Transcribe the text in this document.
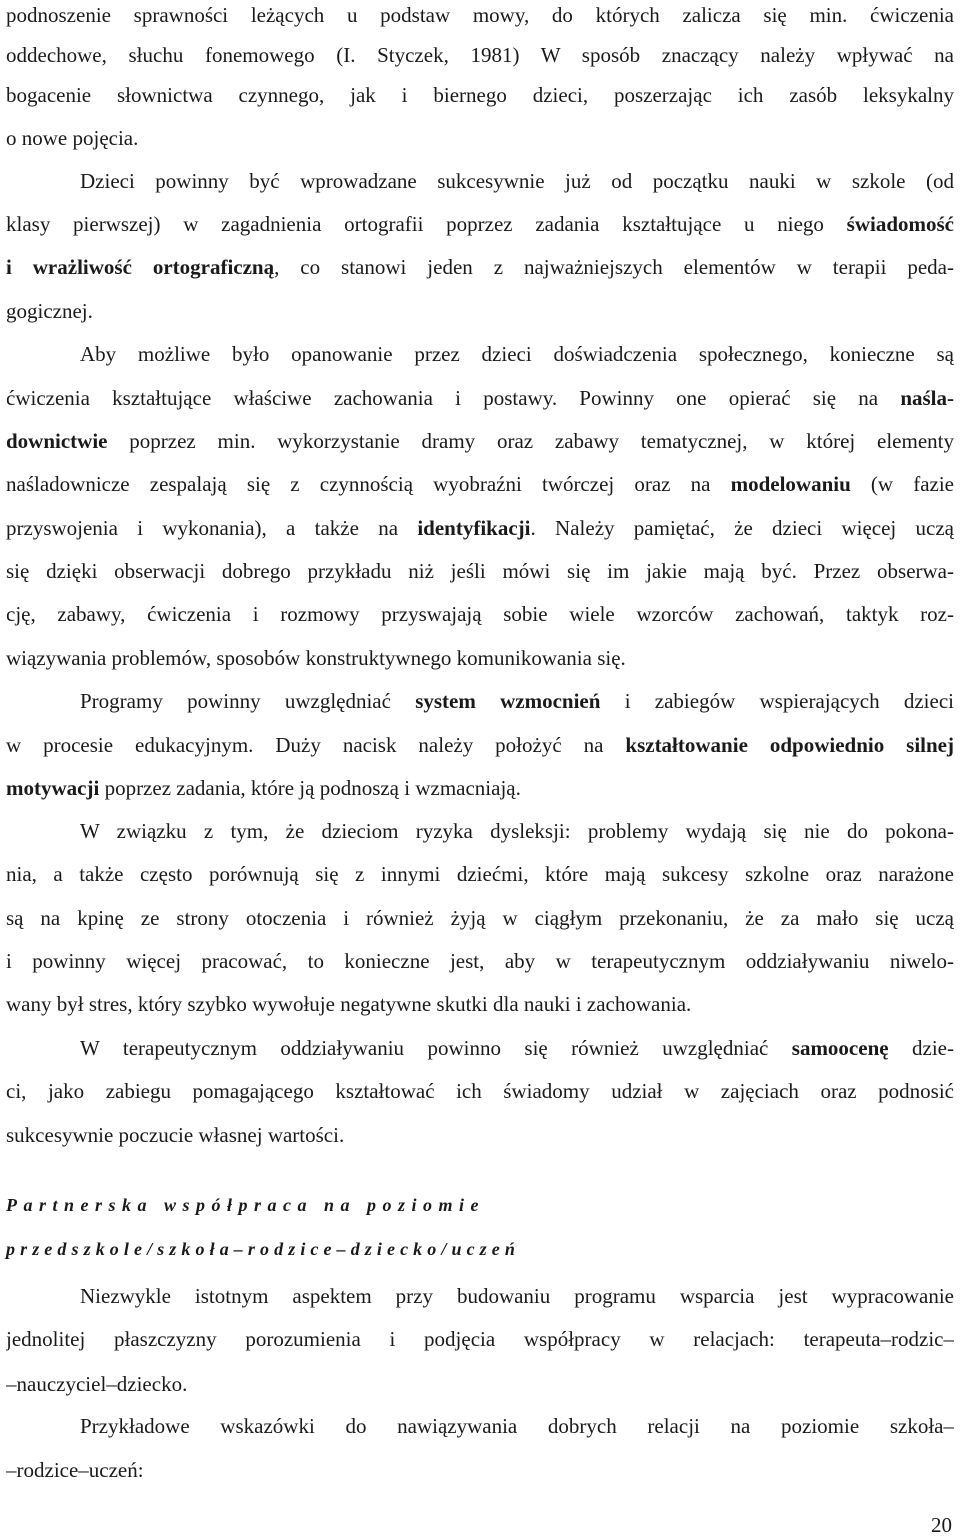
podnoszenie sprawności leżących u podstaw mowy, do których zalicza się min. ćwiczenia
oddechowe, słuchu fonemowego (I. Styczek, 1981) W sposób znaczący należy wpływać na
bogacenie słownictwa czynnego, jak i biernego dzieci, poszerzając ich zasób leksykalny
o nowe pojęcia.
Dzieci powinny być wprowadzane sukcesywnie już od początku nauki w szkole (od
klasy pierwszej) w zagadnienia ortografii poprzez zadania kształtujące u niego świadomość
i wrażliwość ortograficzną, co stanowi jeden z najważniejszych elementów w terapii peda-
gogicznej.
Aby możliwe było opanowanie przez dzieci doświadczenia społecznego, konieczne są
ćwiczenia kształtujące właściwe zachowania i postawy. Powinny one opierać się na naśla-
downictwie poprzez min. wykorzystanie dramy oraz zabawy tematycznej, w której elementy
naśladownicze zespalają się z czynnością wyobraźni twórczej oraz na modelowaniu (w fazie
przyswojenia i wykonania), a także na identyfikacji. Należy pamiętać, że dzieci więcej uczą
się dzięki obserwacji dobrego przykładu niż jeśli mówi się im jakie mają być. Przez obserwa-
cję, zabawy, ćwiczenia i rozmowy przyswajają sobie wiele wzorców zachowań, taktyk roz-
wiązywania problemów, sposobów konstruktywnego komunikowania się.
Programy powinny uwzględniać system wzmocnień i zabiegów wspierających dzieci
w procesie edukacyjnym. Duży nacisk należy położyć na kształtowanie odpowiednio silnej
motywacji poprzez zadania, które ją podnoszą i wzmacniają.
W związku z tym, że dzieciom ryzyka dysleksji: problemy wydają się nie do pokona-
nia, a także często porównują się z innymi dziećmi, które mają sukcesy szkolne oraz narażone
są na kpinę ze strony otoczenia i również żyją w ciągłym przekonaniu, że za mało się uczą
i powinny więcej pracować, to konieczne jest, aby w terapeutycznym oddziaływaniu niwelo-
wany był stres, który szybko wywołuje negatywne skutki dla nauki i zachowania.
W terapeutycznym oddziaływaniu powinno się również uwzględniać samoocenę dzie-
ci, jako zabiegu pomagającego kształtować ich świadomy udział w zajęciach oraz podnosić
sukcesywnie poczucie własnej wartości.
Partnerska współpraca na poziomie
przedszkole/szkoła–rodzice–dziecko/uczeń
Niezwykle istotnym aspektem przy budowaniu programu wsparcia jest wypracowanie
jednolitej płaszczyzny porozumienia i podjęcia współpracy w relacjach: terapeuta–rodzic–
–nauczyciel–dziecko.
Przykładowe wskazówki do nawiązywania dobrych relacji na poziomie szkoła–
–rodzice–uczeń:
20
